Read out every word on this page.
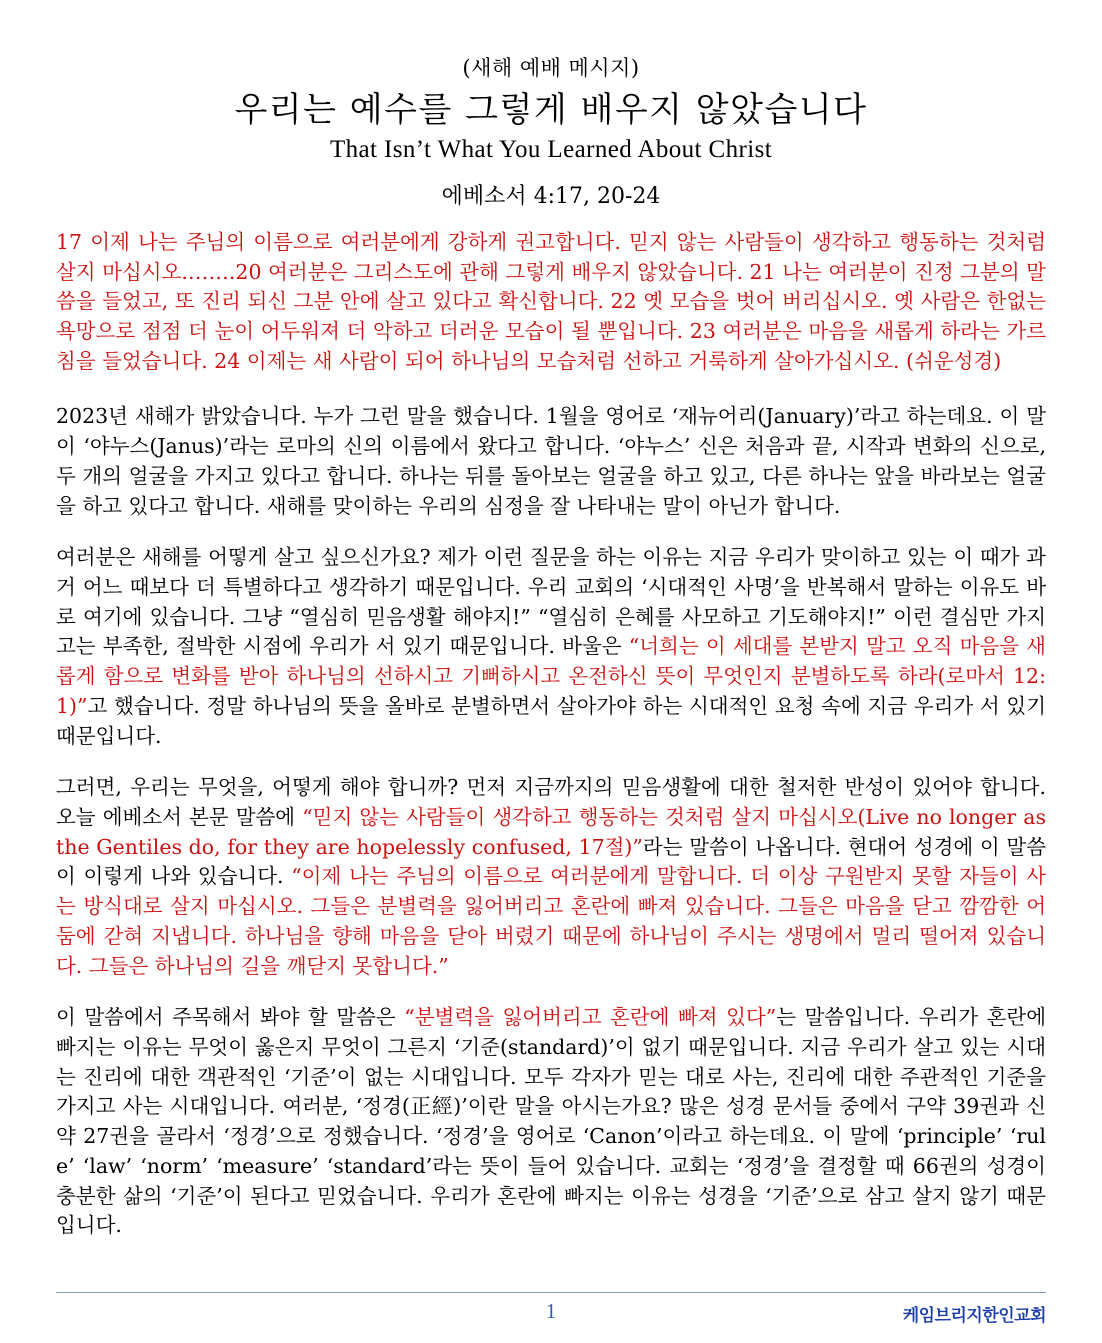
(새해 예배 메시지)
우리는 예수를 그렇게 배우지 않았습니다
That Isn’t What You Learned About Christ
에베소서 4:17, 20-24
17 이제 나는 주님의 이름으로 여러분에게 강하게 권고합니다. 믿지 않는 사람들이 생각하고 행동하는 것처럼 살지 마십시오.…….20 여러분은 그리스도에 관해 그렇게 배우지 않았습니다. 21 나는 여러분이 진정 그분의 말씀을 들었고, 또 진리 되신 그분 안에 살고 있다고 확신합니다. 22 옛 모습을 벗어 버리십시오. 옛 사람은 한없는 욕망으로 점점 더 눈이 어두워져 더 악하고 더러운 모습이 될 뿐입니다. 23 여러분은 마음을 새롭게 하라는 가르침을 들었습니다. 24 이제는 새 사람이 되어 하나님의 모습처럼 선하고 거룩하게 살아가십시오. (쉬운성경)

2023년 새해가 밝았습니다. 누가 그런 말을 했습니다. 1월을 영어로 ‘재뉴어리(January)’라고 하는데요. 이 말이 ‘야누스(Janus)’라는 로마의 신의 이름에서 왔다고 합니다. ‘야누스’ 신은 처음과 끝, 시작과 변화의 신으로, 두 개의 얼굴을 가지고 있다고 합니다. 하나는 뒤를 돌아보는 얼굴을 하고 있고, 다른 하나는 앞을 바라보는 얼굴을 하고 있다고 합니다. 새해를 맞이하는 우리의 심정을 잘 나타내는 말이 아닌가 합니다.

여러분은 새해를 어떻게 살고 싶으신가요? 제가 이런 질문을 하는 이유는 지금 우리가 맞이하고 있는 이 때가 과거 어느 때보다 더 특별하다고 생각하기 때문입니다. 우리 교회의 ‘시대적인 사명’을 반복해서 말하는 이유도 바로 여기에 있습니다. 그냥 “열심히 믿음생활 해야지!” “열심히 은혜를 사모하고 기도해야지!” 이런 결심만 가지고는 부족한, 절박한 시점에 우리가 서 있기 때문입니다. 바울은 “너희는 이 세대를 본받지 말고 오직 마음을 새롭게 함으로 변화를 받아 하나님의 선하시고 기뻐하시고 온전하신 뜻이 무엇인지 분별하도록 하라(로마서 12:1)”고 했습니다. 정말 하나님의 뜻을 올바로 분별하면서 살아가야 하는 시대적인 요청 속에 지금 우리가 서 있기 때문입니다.

그러면, 우리는 무엇을, 어떻게 해야 합니까? 먼저 지금까지의 믿음생활에 대한 철저한 반성이 있어야 합니다. 오늘 에베소서 본문 말씀에 “믿지 않는 사람들이 생각하고 행동하는 것처럼 살지 마십시오(Live no longer as the Gentiles do, for they are hopelessly confused, 17절)”라는 말씀이 나옵니다. 현대어 성경에 이 말씀이 이렇게 나와 있습니다. “이제 나는 주님의 이름으로 여러분에게 말합니다. 더 이상 구원받지 못할 자들이 사는 방식대로 살지 마십시오. 그들은 분별력을 잃어버리고 혼란에 빠져 있습니다. 그들은 마음을 닫고 깜깜한 어둠에 갇혀 지냅니다. 하나님을 향해 마음을 닫아 버렸기 때문에 하나님이 주시는 생명에서 멀리 떨어져 있습니다. 그들은 하나님의 길을 깨닫지 못합니다.”

이 말씀에서 주목해서 봐야 할 말씀은 “분별력을 잃어버리고 혼란에 빠져 있다”는 말씀입니다. 우리가 혼란에 빠지는 이유는 무엇이 옳은지 무엇이 그른지 ‘기준(standard)’이 없기 때문입니다. 지금 우리가 살고 있는 시대는 진리에 대한 객관적인 ‘기준’이 없는 시대입니다. 모두 각자가 믿는 대로 사는, 진리에 대한 주관적인 기준을 가지고 사는 시대입니다. 여러분, ‘정경(正經)’이란 말을 아시는가요? 많은 성경 문서들 중에서 구약 39권과 신약 27권을 골라서 ‘정경’으로 정했습니다. ‘정경’을 영어로 ‘Canon’이라고 하는데요. 이 말에 ‘principle’ ‘rule’ ‘law’ ‘norm’ ‘measure’ ‘standard’라는 뜻이 들어 있습니다. 교회는 ‘정경’을 결정할 때 66권의 성경이 충분한 삶의 ‘기준’이 된다고 믿었습니다. 우리가 혼란에 빠지는 이유는 성경을 ‘기준’으로 삼고 살지 않기 때문입니다.

1	케임브리지한인교회
